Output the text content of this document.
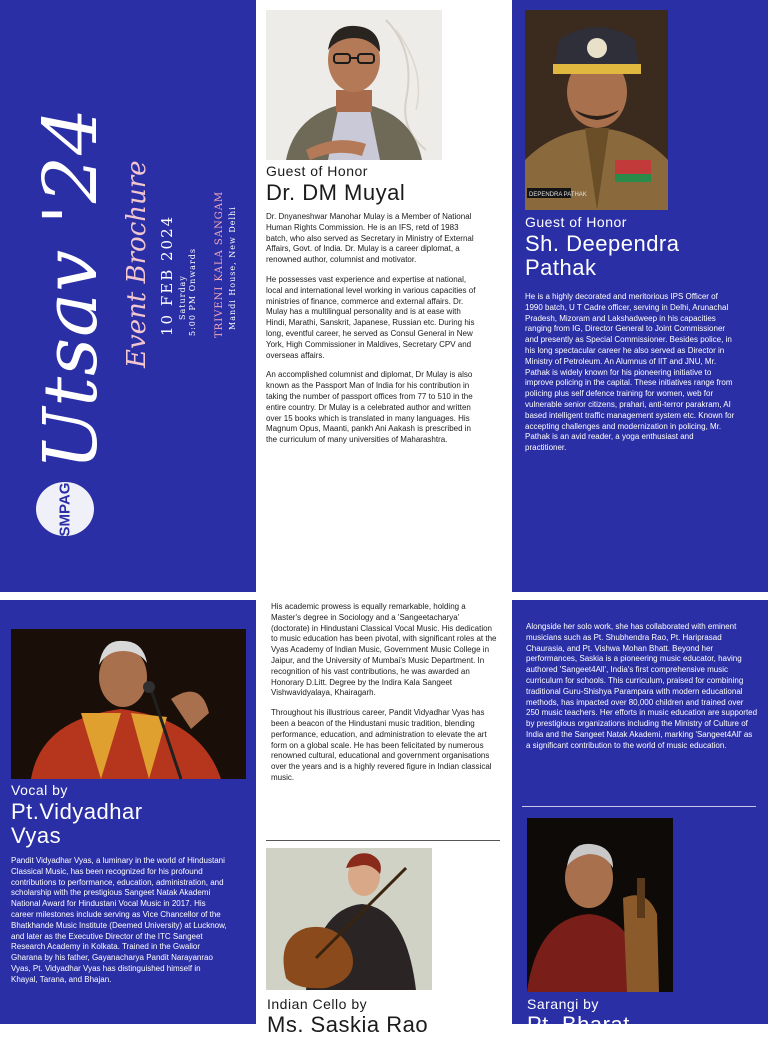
SMPAG
Utsav '24 Event Brochure 10 FEB 2024 Saturday 5:00 PM Onwards TRIVENI KALA SANGAM Mandi House, New Delhi
Guest of Honor
Dr. DM Muyal

Dr. Dnyaneshwar Manohar Mulay is a Member of National Human Rights Commission. He is an IFS, retd of 1983 batch, who also served as Secretary in Ministry of External Affairs, Govt. of India. Dr. Mulay is a career diplomat, a renowned author, columnist and motivator.

He possesses vast experience and expertise at national, local and international level working in various capacities of ministries of finance, commerce and external affairs. Dr. Mulay has a multilingual personality and is at ease with Hindi, Marathi, Sanskrit, Japanese, Russian etc. During his long, eventful career, he served as Consul General in New York, High Commissioner in Maldives, Secretary CPV and overseas affairs.

An accomplished columnist and diplomat, Dr Mulay is also known as the Passport Man of India for his contribution in taking the number of passport offices from 77 to 510 in the entire country. Dr Mulay is a celebrated author and written over 15 books which is translated in many languages. His Magnum Opus, Maanti, pankh Ani Aakash is prescribed in the curriculum of many universities of Maharashtra.

DEPENDRA PATHAK
Guest of Honor
Sh. Deependra
Pathak
He is a highly decorated and meritorious IPS Officer of 1990 batch, U T Cadre officer, serving in Delhi, Arunachal Pradesh, Mizoram and Lakshadweep in his capacities ranging from IG, Director General to Joint Commissioner and presently as Special Commissioner. Besides police, in his long spectacular career he also served as Director in Ministry of Petroleum. An Alumnus of IIT and JNU, Mr. Pathak is widely known for his pioneering initiative to improve policing in the capital. These initiatives range from policing plus self defence training for women, web for vulnerable senior citizens, prahari, anti-terror parakram, AI based intelligent traffic management system etc. Known for accepting challenges and modernization in policing, Mr. Pathak is an avid reader, a yoga enthusiast and practitioner.
Vocal by
Pt.Vidyadhar
Vyas
Pandit Vidyadhar Vyas, a luminary in the world of Hindustani Classical Music, has been recognized for his profound contributions to performance, education, administration, and scholarship with the prestigious Sangeet Natak Akademi National Award for Hindustani Vocal Music in 2017. His career milestones include serving as Vice Chancellor of the Bhatkhande Music Institute (Deemed University) at Lucknow, and later as the Executive Director of the ITC Sangeet Research Academy in Kolkata. Trained in the Gwalior Gharana by his father, Gayanacharya Pandit Narayanrao Vyas, Pt. Vidyadhar Vyas has distinguished himself in Khayal, Tarana, and Bhajan.

His academic prowess is equally remarkable, holding a Master's degree in Sociology and a 'Sangeetacharya' (doctorate) in Hindustani Classical Vocal Music. His dedication to music education has been pivotal, with significant roles at the Vyas Academy of Indian Music, Government Music College in Jaipur, and the University of Mumbai's Music Department. In recognition of his vast contributions, he was awarded an Honorary D.Litt. Degree by the Indira Kala Sangeet Vishwavidyalaya, Khairagarh.

Throughout his illustrious career, Pandit Vidyadhar Vyas has been a beacon of the Hindustani music tradition, blending performance, education, and administration to elevate the art form on a global scale. He has been felicitated by numerous renowned cultural, educational and government organisations over the years and is a highly revered figure in Indian classical music.

Indian Cello by
Ms. Saskia Rao
Alongside her solo work, she has collaborated with eminent musicians such as Pt. Shubhendra Rao, Pt. Hariprasad Chaurasia, and Pt. Vishwa Mohan Bhatt. Beyond her performances, Saskia is a pioneering music educator, having authored 'Sangeet4All', India's first comprehensive music curriculum for schools. This curriculum, praised for combining traditional Guru-Shishya Parampara with modern educational methods, has impacted over 80,000 children and trained over 250 music teachers. Her efforts in music education are supported by prestigious organizations including the Ministry of Culture of India and the Sangeet Natak Akademi, marking 'Sangeet4All' as a significant contribution to the world of music education.
Sarangi by
Pt. Bharat
